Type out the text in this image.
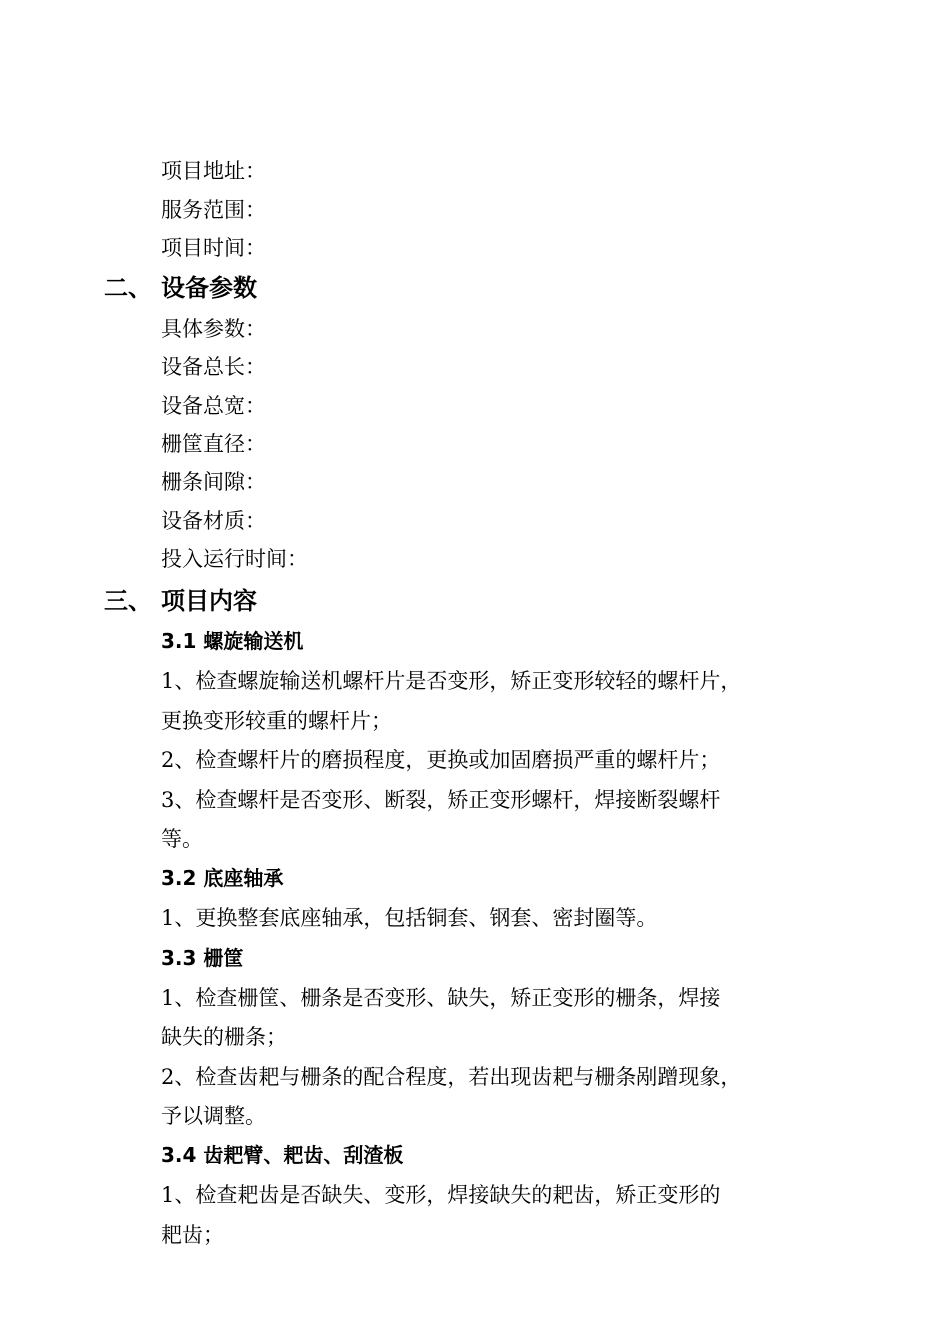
项目地址：
服务范围：
项目时间：
二、 设备参数
具体参数：
设备总长：
设备总宽：
栅筐直径：
栅条间隙：
设备材质：
投入运行时间：
三、 项目内容
3.1 螺旋输送机
1、检查螺旋输送机螺杆片是否变形，矫正变形较轻的螺杆片，
更换变形较重的螺杆片；
2、检查螺杆片的磨损程度，更换或加固磨损严重的螺杆片；
3、检查螺杆是否变形、断裂，矫正变形螺杆，焊接断裂螺杆
等。
3.2 底座轴承
1、更换整套底座轴承，包括铜套、钢套、密封圈等。
3.3 栅筐
1、检查栅筐、栅条是否变形、缺失，矫正变形的栅条，焊接
缺失的栅条；
2、检查齿耙与栅条的配合程度，若出现齿耙与栅条剐蹭现象，
予以调整。
3.4 齿耙臂、耙齿、刮渣板
1、检查耙齿是否缺失、变形，焊接缺失的耙齿，矫正变形的
耙齿；
